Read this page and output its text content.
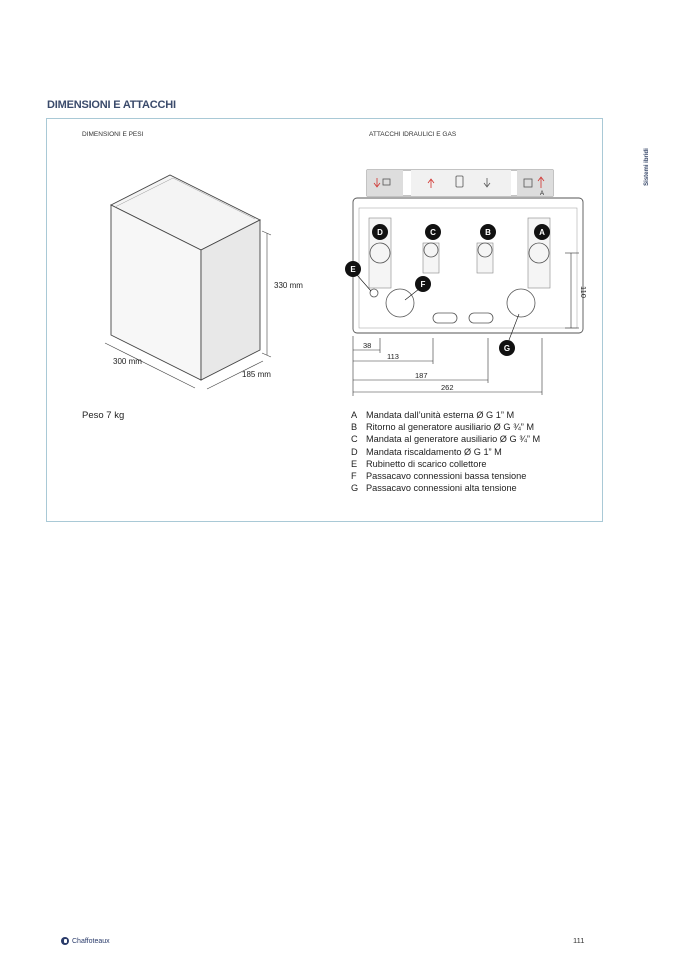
DIMENSIONI E ATTACCHI
Sistemi ibridi
DIMENSIONI E PESI	ATTACCHI IDRAULICI E GAS
330 mm
300 mm
185 mm
Peso 7 kg
A
D	C	B	A
E
F
G
38
113
187
262
110
A Mandata dall’unità esterna Ø G 1” M
B Ritorno al generatore ausiliario Ø G ¾” M
C Mandata al generatore ausiliario Ø G ¾” M
D Mandata riscaldamento Ø G 1” M
E Rubinetto di scarico collettore
F	Passacavo connessioni bassa tensione
G Passacavo connessioni alta tensione
Chaffoteaux	111
